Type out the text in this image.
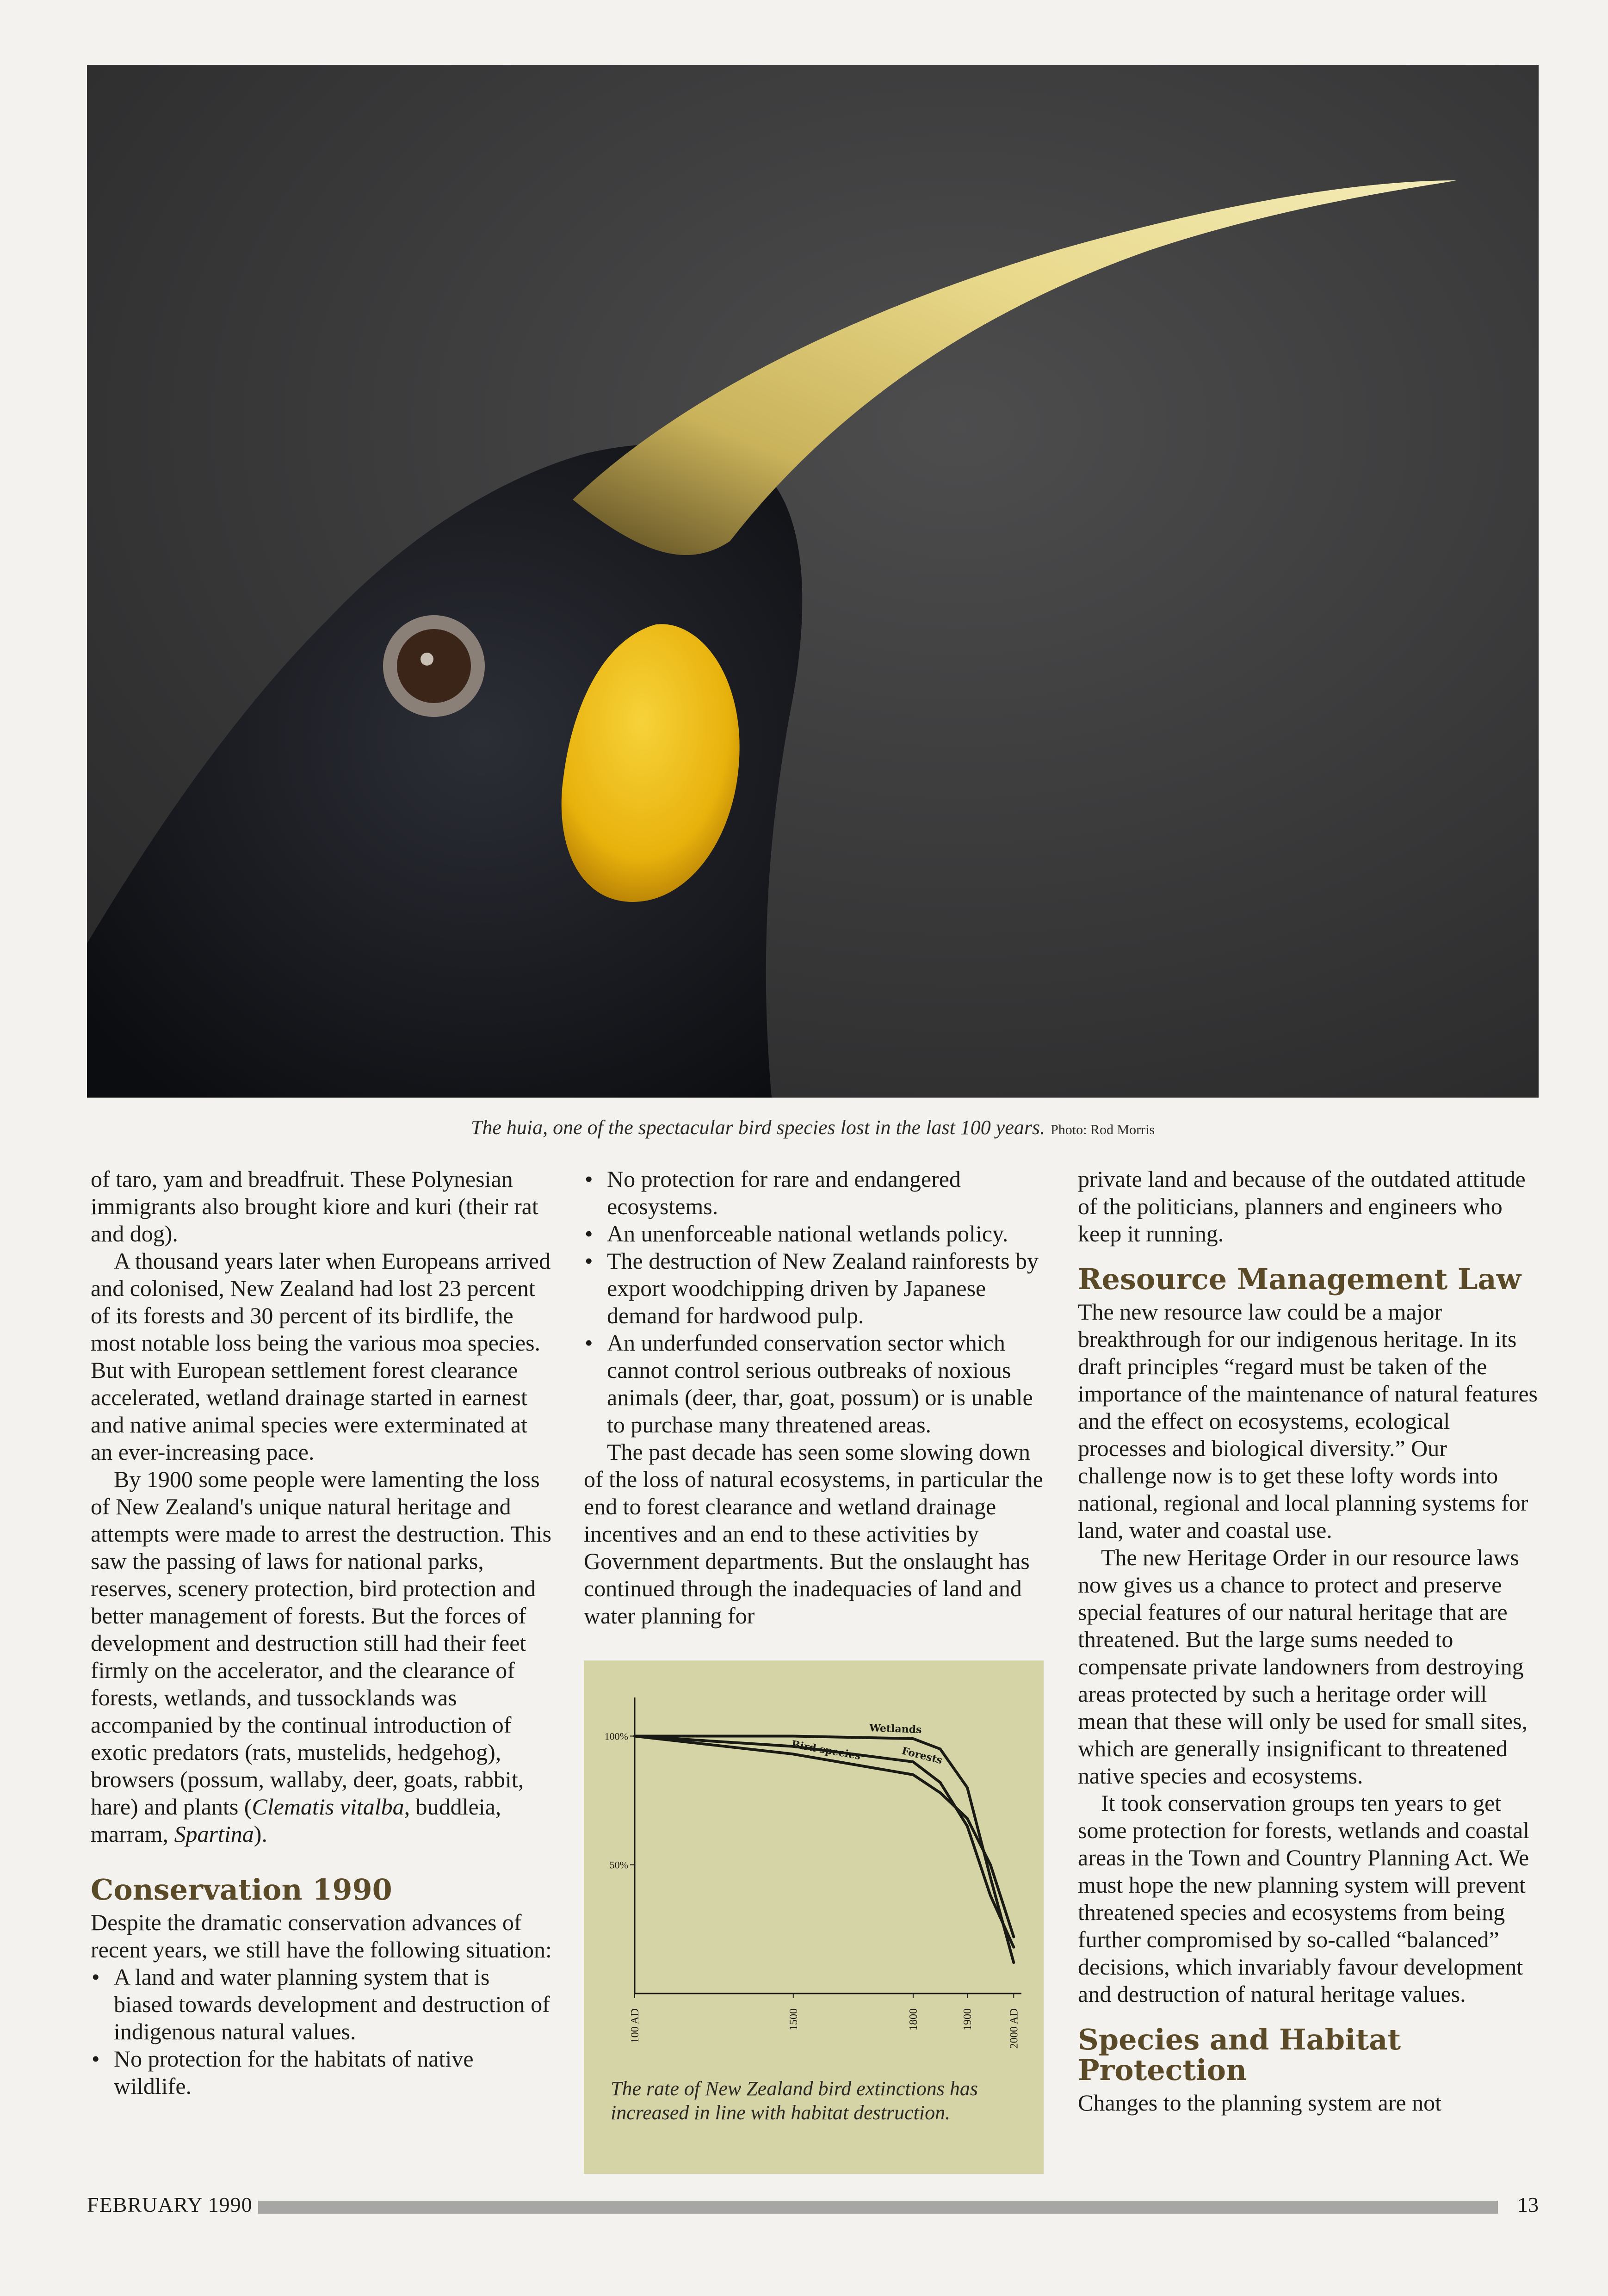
The huia, one of the spectacular bird species lost in the last 100 years. Photo: Rod Morris

of taro, yam and breadfruit. These Polynesian immigrants also brought kiore and kuri (their rat and dog).

A thousand years later when Europeans arrived and colonised, New Zealand had lost 23 percent of its forests and 30 percent of its birdlife, the most notable loss being the various moa species. But with European settlement forest clearance accelerated, wetland drainage started in earnest and native animal species were exterminated at an ever-increasing pace.

By 1900 some people were lamenting the loss of New Zealand's unique natural heritage and attempts were made to arrest the destruction. This saw the passing of laws for national parks, reserves, scenery protection, bird protection and better management of forests. But the forces of development and destruction still had their feet firmly on the accelerator, and the clearance of forests, wetlands, and tussocklands was accompanied by the continual introduction of exotic predators (rats, mustelids, hedgehog), browsers (possum, wallaby, deer, goats, rabbit, hare) and plants (Clematis vitalba, buddleia, marram, Spartina).

Conservation 1990

Despite the dramatic conservation advances of recent years, we still have the following situation:

• A land and water planning system that is biased towards development and destruction of indigenous natural values.
• No protection for the habitats of native wildlife.
• No protection for rare and endangered ecosystems.
• An unenforceable national wetlands policy.
• The destruction of New Zealand rainforests by export woodchipping driven by Japanese demand for hardwood pulp.
• An underfunded conservation sector which cannot control serious outbreaks of noxious animals (deer, thar, goat, possum) or is unable to purchase many threatened areas.

The past decade has seen some slowing down of the loss of natural ecosystems, in particular the end to forest clearance and wetland drainage incentives and an end to these activities by Government departments. But the onslaught has continued through the inadequacies of land and water planning for

100%
50%
100 AD	1500	1800	1900	2000 AD
Wetlands
Forests
Bird species
The rate of New Zealand bird extinctions has increased in line with habitat destruction.

private land and because of the outdated attitude of the politicians, planners and engineers who keep it running.

Resource Management Law

The new resource law could be a major breakthrough for our indigenous heritage. In its draft principles “regard must be taken of the importance of the maintenance of natural features and the effect on ecosystems, ecological processes and biological diversity.” Our challenge now is to get these lofty words into national, regional and local planning systems for land, water and coastal use.

The new Heritage Order in our resource laws now gives us a chance to protect and preserve special features of our natural heritage that are threatened. But the large sums needed to compensate private landowners from destroying areas protected by such a heritage order will mean that these will only be used for small sites, which are generally insignificant to threatened native species and ecosystems.

It took conservation groups ten years to get some protection for forests, wetlands and coastal areas in the Town and Country Planning Act. We must hope the new planning system will prevent threatened species and ecosystems from being further compromised by so-called “balanced” decisions, which invariably favour development and destruction of natural heritage values.

Species and Habitat Protection

Changes to the planning system are not

FEBRUARY 1990	13
